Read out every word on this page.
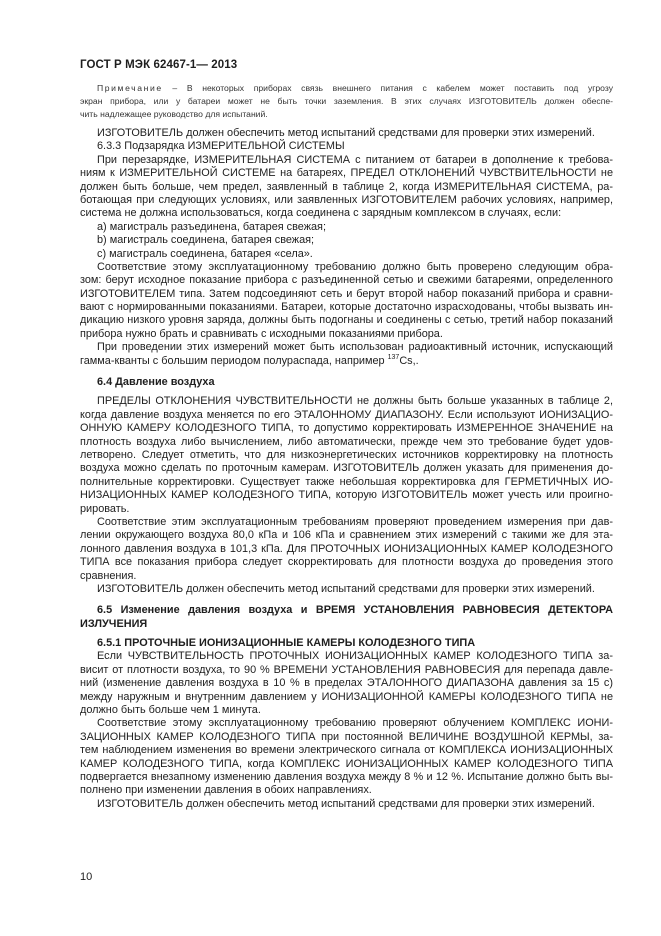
ГОСТ Р МЭК 62467-1— 2013
Примечание – В некоторых приборах связь внешнего питания с кабелем может поставить под угрозу
экран прибора, или у батареи может не быть точки заземления. В этих случаях ИЗГОТОВИТЕЛЬ должен обеспе-
чить надлежащее руководство для испытаний.
ИЗГОТОВИТЕЛЬ должен обеспечить метод испытаний средствами для проверки этих измерений.
6.3.3 Подзарядка ИЗМЕРИТЕЛЬНОЙ СИСТЕМЫ
При перезарядке, ИЗМЕРИТЕЛЬНАЯ СИСТЕМА с питанием от батареи в дополнение к требова-
ниям к ИЗМЕРИТЕЛЬНОЙ СИСТЕМЕ на батареях, ПРЕДЕЛ ОТКЛОНЕНИЙ ЧУВСТВИТЕЛЬНОСТИ не
должен быть больше, чем предел, заявленный в таблице 2, когда ИЗМЕРИТЕЛЬНАЯ СИСТЕМА, ра-
ботающая при следующих условиях, или заявленных ИЗГОТОВИТЕЛЕМ рабочих условиях, например,
система не должна использоваться, когда соединена с зарядным комплексом в случаях, если:
a) магистраль разъединена, батарея свежая;
b) магистраль соединена, батарея свежая;
c) магистраль соединена, батарея «села».
Соответствие этому эксплуатационному требованию должно быть проверено следующим обра-
зом: берут исходное показание прибора с разъединенной сетью и свежими батареями, определенного
ИЗГОТОВИТЕЛЕМ типа. Затем подсоединяют сеть и берут второй набор показаний прибора и сравни-
вают с нормированными показаниями. Батареи, которые достаточно израсходованы, чтобы вызвать ин-
дикацию низкого уровня заряда, должны быть подогнаны и соединены с сетью, третий набор показаний
прибора нужно брать и сравнивать с исходными показаниями прибора.
При проведении этих измерений может быть использован радиоактивный источник, испускающий
гамма-кванты с большим периодом полураспада, например $^{137}$Cs,.
6.4 Давление воздуха
ПРЕДЕЛЫ ОТКЛОНЕНИЯ ЧУВСТВИТЕЛЬНОСТИ не должны быть больше указанных в таблице 2,
когда давление воздуха меняется по его ЭТАЛОННОМУ ДИАПАЗОНУ. Если используют ИОНИЗАЦИО-
ОННУЮ КАМЕРУ КОЛОДЕЗНОГО ТИПА, то допустимо корректировать ИЗМЕРЕННОЕ ЗНАЧЕНИЕ на
плотность воздуха либо вычислением, либо автоматически, прежде чем это требование будет удов-
летворено. Следует отметить, что для низкоэнергетических источников корректировку на плотность
воздуха можно сделать по проточным камерам. ИЗГОТОВИТЕЛЬ должен указать для применения до-
полнительные корректировки. Существует также небольшая корректировка для ГЕРМЕТИЧНЫХ ИО-
НИЗАЦИОННЫХ КАМЕР КОЛОДЕЗНОГО ТИПА, которую ИЗГОТОВИТЕЛЬ может учесть или проигно-
рировать.
Соответствие этим эксплуатационным требованиям проверяют проведением измерения при дав-
лении окружающего воздуха 80,0 кПа и 106 кПа и сравнением этих измерений с такими же для эта-
лонного давления воздуха в 101,3 кПа. Для ПРОТОЧНЫХ ИОНИЗАЦИОННЫХ КАМЕР КОЛОДЕЗНОГО
ТИПА все показания прибора следует скорректировать для плотности воздуха до проведения этого
сравнения.
ИЗГОТОВИТЕЛЬ должен обеспечить метод испытаний средствами для проверки этих измерений.
6.5 Изменение давления воздуха и ВРЕМЯ УСТАНОВЛЕНИЯ РАВНОВЕСИЯ ДЕТЕКТОРА
ИЗЛУЧЕНИЯ
6.5.1 ПРОТОЧНЫЕ ИОНИЗАЦИОННЫЕ КАМЕРЫ КОЛОДЕЗНОГО ТИПА
Если ЧУВСТВИТЕЛЬНОСТЬ ПРОТОЧНЫХ ИОНИЗАЦИОННЫХ КАМЕР КОЛОДЕЗНОГО ТИПА за-
висит от плотности воздуха, то 90 % ВРЕМЕНИ УСТАНОВЛЕНИЯ РАВНОВЕСИЯ для перепада давле-
ний (изменение давления воздуха в 10 % в пределах ЭТАЛОННОГО ДИАПАЗОНА давления за 15 с)
между наружным и внутренним давлением у ИОНИЗАЦИОННОЙ КАМЕРЫ КОЛОДЕЗНОГО ТИПА не
должно быть больше чем 1 минута.
Соответствие этому эксплуатационному требованию проверяют облучением КОМПЛЕКС ИОНИ-
ЗАЦИОННЫХ КАМЕР КОЛОДЕЗНОГО ТИПА при постоянной ВЕЛИЧИНЕ ВОЗДУШНОЙ КЕРМЫ, за-
тем наблюдением изменения во времени электрического сигнала от КОМПЛЕКСА ИОНИЗАЦИОННЫХ
КАМЕР КОЛОДЕЗНОГО ТИПА, когда КОМПЛЕКС ИОНИЗАЦИОННЫХ КАМЕР КОЛОДЕЗНОГО ТИПА
подвергается внезапному изменению давления воздуха между 8 % и 12 %. Испытание должно быть вы-
полнено при изменении давления в обоих направлениях.
ИЗГОТОВИТЕЛЬ должен обеспечить метод испытаний средствами для проверки этих измерений.
10
